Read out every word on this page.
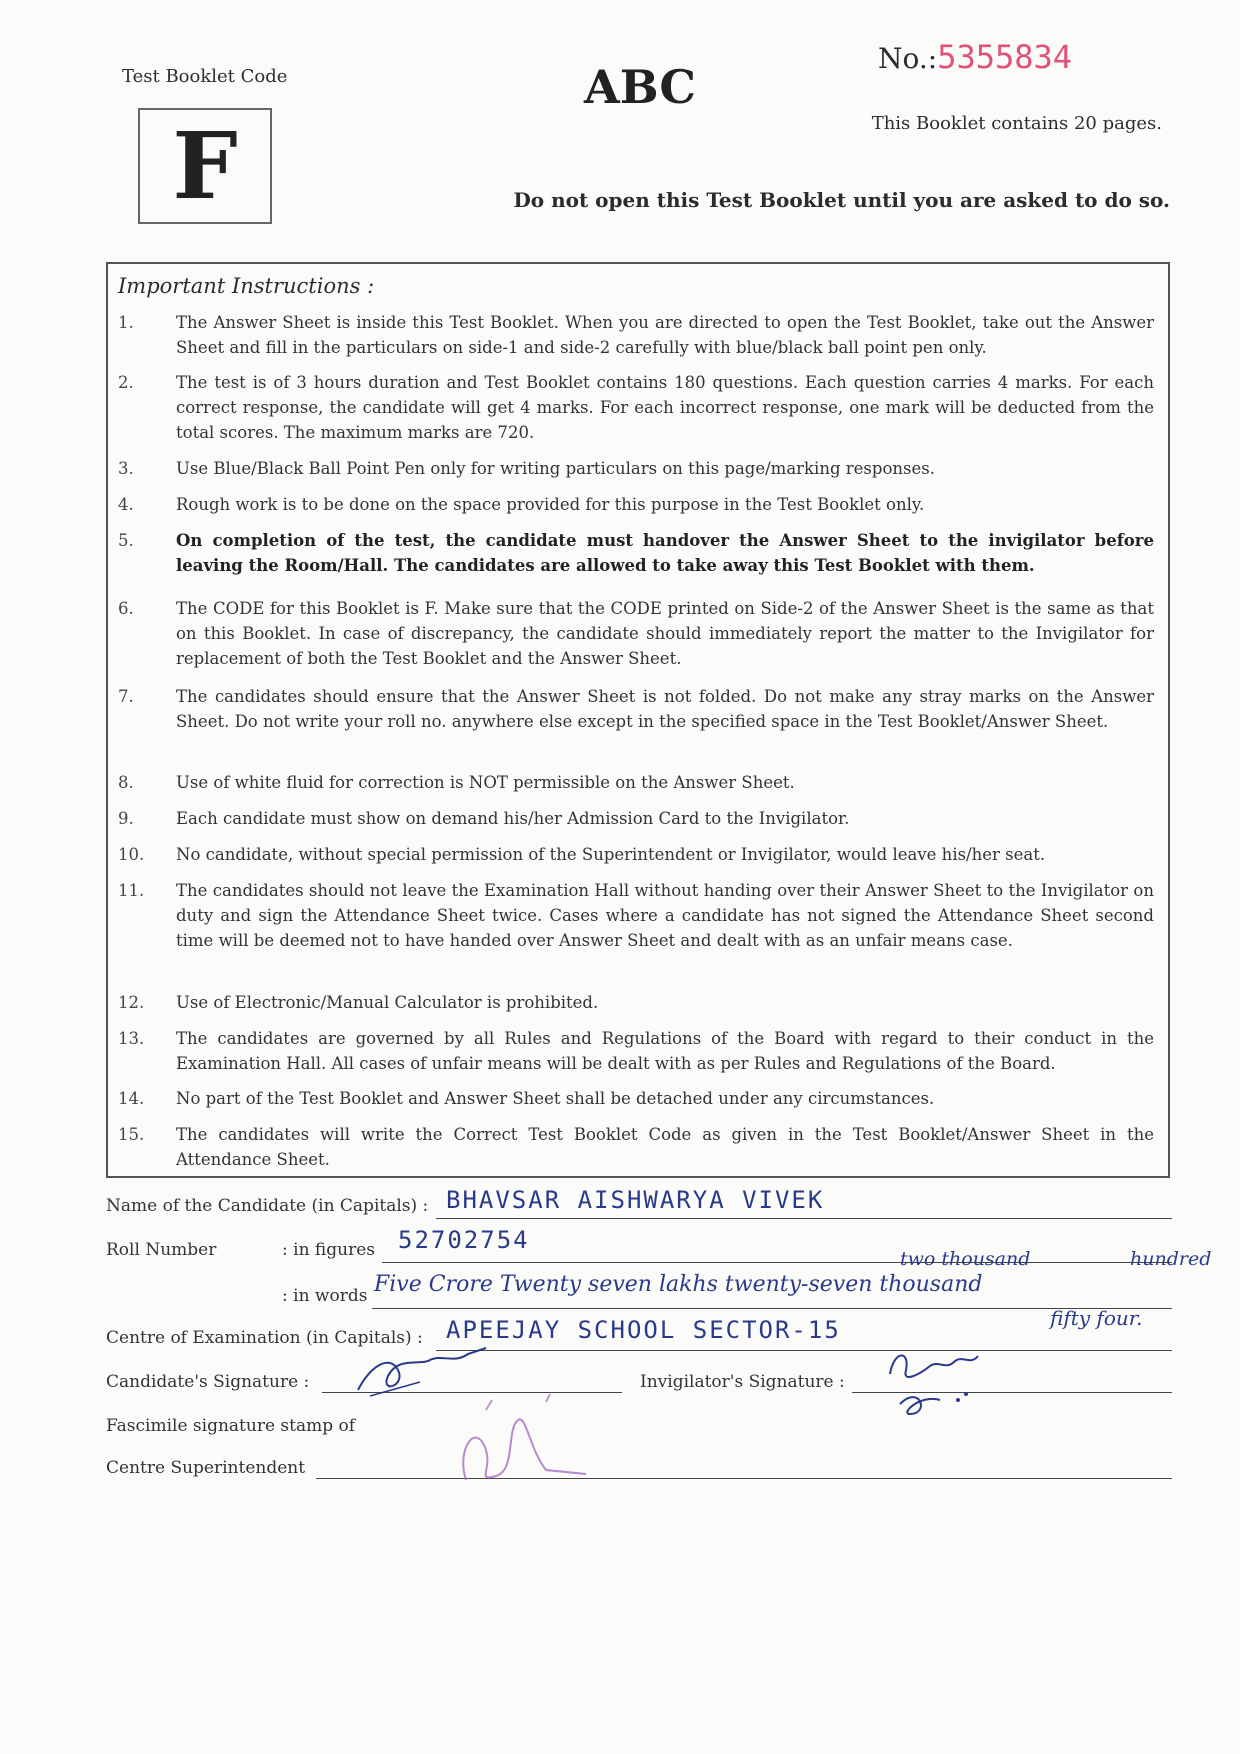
Test Booklet Code
F
ABC
No.:5355834
This Booklet contains 20 pages.
Do not open this Test Booklet until you are asked to do so.
Important Instructions :
1.	The Answer Sheet is inside this Test Booklet. When you are directed to open the Test Booklet, take out the Answer Sheet and fill in the particulars on side-1 and side-2 carefully with blue/black ball point pen only.
2.	The test is of 3 hours duration and Test Booklet contains 180 questions. Each question carries 4 marks. For each correct response, the candidate will get 4 marks. For each incorrect response, one mark will be deducted from the total scores. The maximum marks are 720.
3.	Use Blue/Black Ball Point Pen only for writing particulars on this page/marking responses.
4.	Rough work is to be done on the space provided for this purpose in the Test Booklet only.
5.	On completion of the test, the candidate must handover the Answer Sheet to the invigilator before leaving the Room/Hall. The candidates are allowed to take away this Test Booklet with them.
6.	The CODE for this Booklet is F. Make sure that the CODE printed on Side-2 of the Answer Sheet is the same as that on this Booklet. In case of discrepancy, the candidate should immediately report the matter to the Invigilator for replacement of both the Test Booklet and the Answer Sheet.
7.	The candidates should ensure that the Answer Sheet is not folded. Do not make any stray marks on the Answer Sheet. Do not write your roll no. anywhere else except in the specified space in the Test Booklet/Answer Sheet.
8.	Use of white fluid for correction is NOT permissible on the Answer Sheet.
9.	Each candidate must show on demand his/her Admission Card to the Invigilator.
10. No candidate, without special permission of the Superintendent or Invigilator, would leave his/her seat.
11. The candidates should not leave the Examination Hall without handing over their Answer Sheet to the Invigilator on duty and sign the Attendance Sheet twice. Cases where a candidate has not signed the Attendance Sheet second time will be deemed not to have handed over Answer Sheet and dealt with as an unfair means case.
12. Use of Electronic/Manual Calculator is prohibited.
13. The candidates are governed by all Rules and Regulations of the Board with regard to their conduct in the Examination Hall. All cases of unfair means will be dealt with as per Rules and Regulations of the Board.
14. No part of the Test Booklet and Answer Sheet shall be detached under any circumstances.
15. The candidates will write the Correct Test Booklet Code as given in the Test Booklet/Answer Sheet in the Attendance Sheet.
Name of the Candidate (in Capitals) : BHAVSAR AISHWARYA VIVEK
Roll Number	: in figures 52702754
: in words Five Crore Twenty seven lakhs twenty-seven thousand
two thousand	hundred
fifty four.
Centre of Examination (in Capitals) : APEEJAY SCHOOL SECTOR-15
Candidate's Signature :	Invigilator's Signature :
Fascimile signature stamp of
Centre Superintendent
